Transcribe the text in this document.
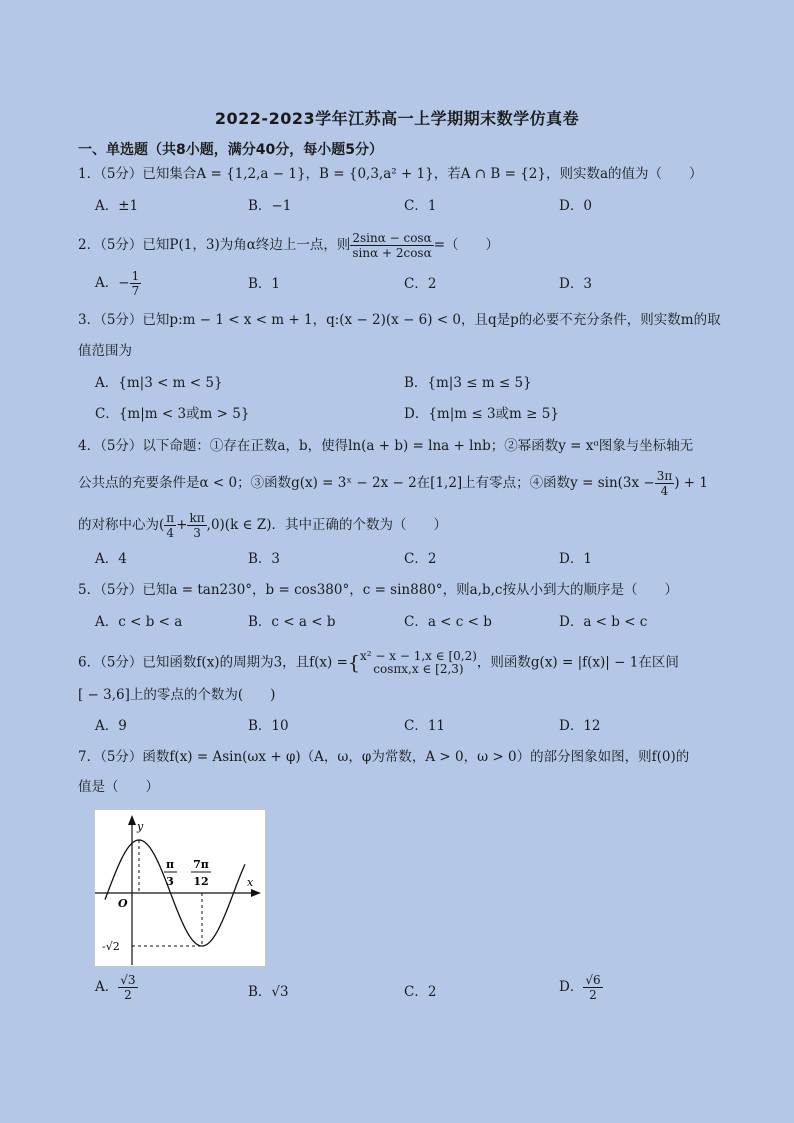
2022-2023学年江苏高一上学期期末数学仿真卷
一、单选题（共8小题，满分40分，每小题5分）
1．（5分）已知集合A = {1,2,a − 1}，B = {0,3,a² + 1}，若A ∩ B = {2}，则实数a的值为（　　）
A．±1	B．−1	C．1	D．0
2．（5分）已知P(1，3)为角α终边上一点，则 $\frac{2\sin\alpha - \cos\alpha}{\sin\alpha + 2\cos\alpha}$ =（　　）
A．− $\frac{1}{7}$	B．1	C．2	D．3
3．（5分）已知p:m − 1 < x < m + 1，q:(x − 2)(x − 6) < 0，且q是p的必要不充分条件，则实数m的取
值范围为
A．{m|3 < m < 5}	B．{m|3 ≤ m ≤ 5}
C．{m|m < 3或m > 5}	D．{m|m ≤ 3或m ≥ 5}
4．（5分）以下命题：①存在正数a，b，使得ln(a + b) = lna + lnb；②幂函数y = xᵅ图象与坐标轴无
公共点的充要条件是α < 0；③函数g(x) = 3ˣ − 2x − 2在[1,2]上有零点；④函数$y = \sin(3x - \frac{3\pi}{4}$ ) + 1
的对称中心为( $\frac{\pi}{4} + \frac{k\pi}{3} ,0)(k$ ∈ Z)．其中正确的个数为（　　）
A．4	B．3	C．2	D．1
5．（5分）已知a = tan230°，b = cos380°，c = sin880°，则a,b,c按从小到大的顺序是（　　）
A．c < b < a	B．c < a < b	C．a < c < b	D．a < b < c
6．（5分）已知函数f(x)的周期为3，且f(x) ={ x² − x − 1,x ∈ [0,2)
cosπx,x ∈ [2,3) ，则函数g(x) = |f(x)| − 1在区间
[ − 3,6]上的零点的个数为(　　)
A．9	B．10	C．11	D．12
7．（5分）函数f(x) = Asin(ωx + φ)（A，ω，φ为常数，A > 0，ω > 0）的部分图象如图，则f(0)的
值是（　　）
y
x
O
π
3
7π
12
-√2
A． $\frac{√3}{2}$	B．√3	C．2	D． $\frac{√6}{2}$
